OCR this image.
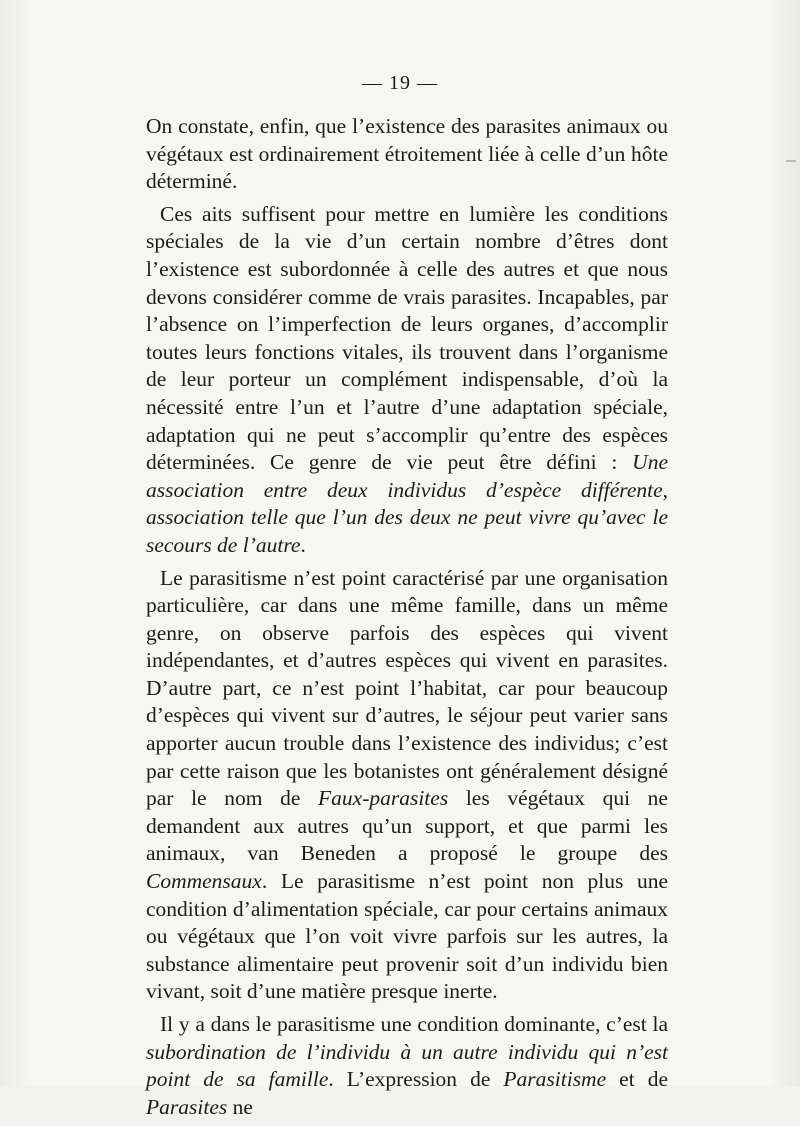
— 19 —

On constate, enfin, que l’existence des parasites animaux ou végétaux est ordinairement étroitement liée à celle d’un hôte déterminé.

Ces aits suffisent pour mettre en lumière les conditions spéciales de la vie d’un certain nombre d’êtres dont l’existence est subordonnée à celle des autres et que nous devons considérer comme de vrais parasites. Incapables, par l’absence on l’imperfection de leurs organes, d’accomplir toutes leurs fonctions vitales, ils trouvent dans l’organisme de leur porteur un complément indispensable, d’où la nécessité entre l’un et l’autre d’une adaptation spéciale, adaptation qui ne peut s’accomplir qu’entre des espèces déterminées. Ce genre de vie peut être défini : Une association entre deux individus d’espèce différente, association telle que l’un des deux ne peut vivre qu’avec le secours de l’autre.

Le parasitisme n’est point caractérisé par une organisation particulière, car dans une même famille, dans un même genre, on observe parfois des espèces qui vivent indépendantes, et d’autres espèces qui vivent en parasites. D’autre part, ce n’est point l’habitat, car pour beaucoup d’espèces qui vivent sur d’autres, le séjour peut varier sans apporter aucun trouble dans l’existence des individus; c’est par cette raison que les botanistes ont généralement désigné par le nom de Faux-parasites les végétaux qui ne demandent aux autres qu’un support, et que parmi les animaux, van Beneden a proposé le groupe des Commensaux. Le parasitisme n’est point non plus une condition d’alimentation spéciale, car pour certains animaux ou végétaux que l’on voit vivre parfois sur les autres, la substance alimentaire peut provenir soit d’un individu bien vivant, soit d’une matière presque inerte.

Il y a dans le parasitisme une condition dominante, c’est la subordination de l’individu à un autre individu qui n’est point de sa famille. L’expression de Parasitisme et de Parasites ne
